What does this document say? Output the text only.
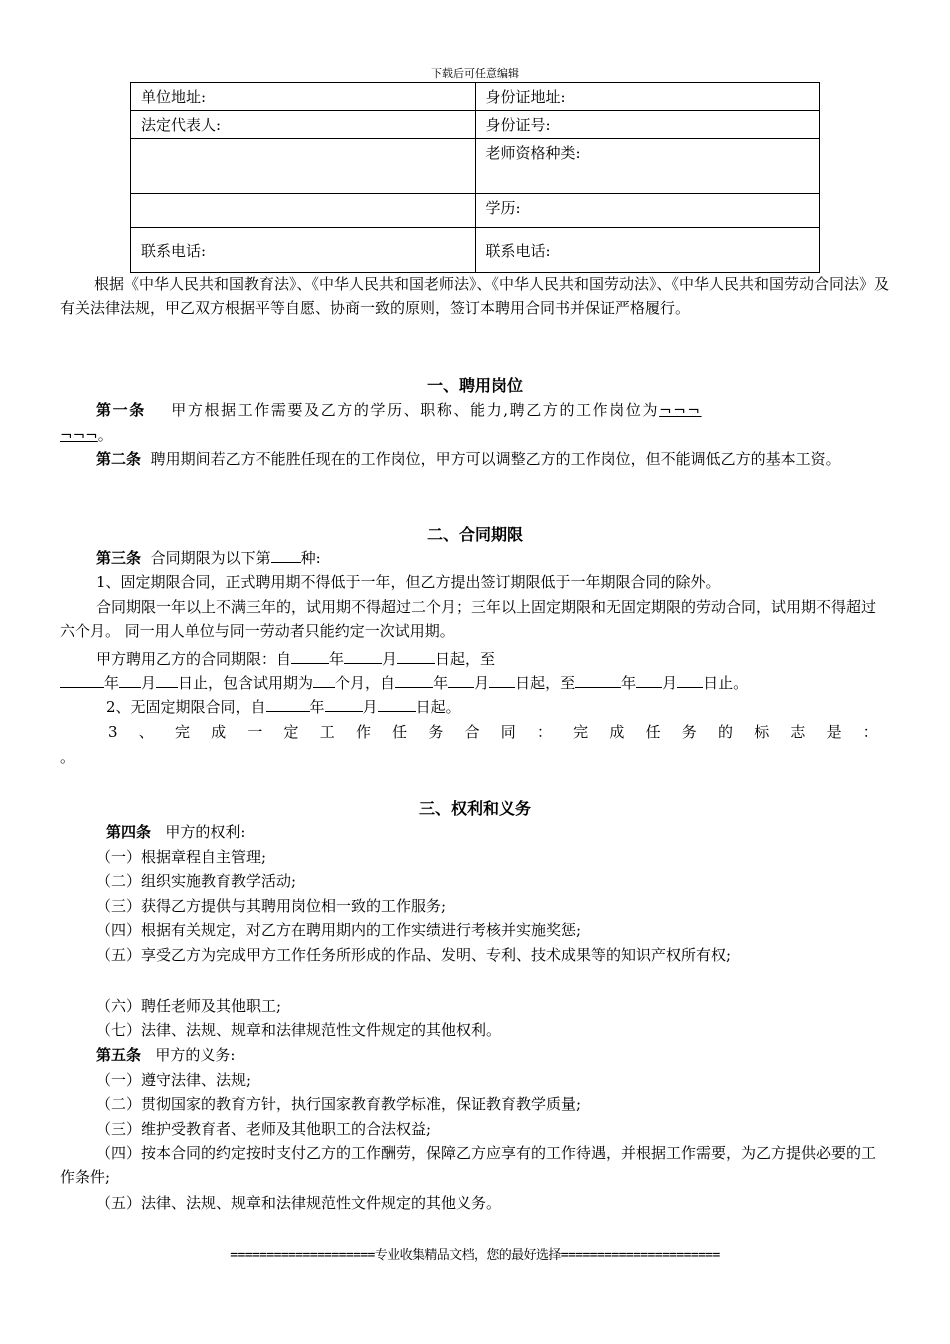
下载后可任意编辑
单位地址:	身份证地址:
法定代表人:	身份证号:
	老师资格种类:
	学历:
联系电话:	联系电话:

根据《中华人民共和国教育法》、《中华人民共和国老师法》、《中华人民共和国劳动法》、《中华人民共和国劳动合同法》及有关法律法规，甲乙双方根据平等自愿、协商一致的原则，签订本聘用合同书并保证严格履行。

一、聘用岗位

第一条 甲方根据工作需要及乙方的学历、职称、能力,聘乙方的工作岗位为¬¬¬

¬¬¬。

第二条 聘用期间若乙方不能胜任现在的工作岗位，甲方可以调整乙方的工作岗位，但不能调低乙方的基本工资。

二、合同期限

第三条 合同期限为以下第 种:

1、固定期限合同，正式聘用期不得低于一年，但乙方提出签订期限低于一年期限合同的除外。

合同期限一年以上不满三年的，试用期不得超过二个月；三年以上固定期限和无固定期限的劳动合同，试用期不得超过六个月。 同一用人单位与同一劳动者只能约定一次试用期。

甲方聘用乙方的合同期限：自	年	月	日起，至

年 月 日止，包含试用期为 个月，自	年 月 日起，至	年 月 日止。

2、无固定期限合同，自	年	月	日起。

3 、 完 成 一 定 工 作 任 务 合 同 ： 完 成 任 务 的 标 志 是 ：

。

三、权利和义务

第四条 甲方的权利:

（一）根据章程自主管理;

（二）组织实施教育教学活动;

（三）获得乙方提供与其聘用岗位相一致的工作服务;

（四）根据有关规定，对乙方在聘用期内的工作实绩进行考核并实施奖惩;

（五）享受乙方为完成甲方工作任务所形成的作品、发明、专利、技术成果等的知识产权所有权;

（六）聘任老师及其他职工;

（七）法律、法规、规章和法律规范性文件规定的其他权利。

第五条 甲方的义务:

（一）遵守法律、法规;

（二）贯彻国家的教育方针，执行国家教育教学标准，保证教育教学质量;

（三）维护受教育者、老师及其他职工的合法权益;

（四）按本合同的约定按时支付乙方的工作酬劳，保障乙方应享有的工作待遇，并根据工作需要，为乙方提供必要的工作条件;

（五）法律、法规、规章和法律规范性文件规定的其他义务。

====================专业收集精品文档，您的最好选择======================
